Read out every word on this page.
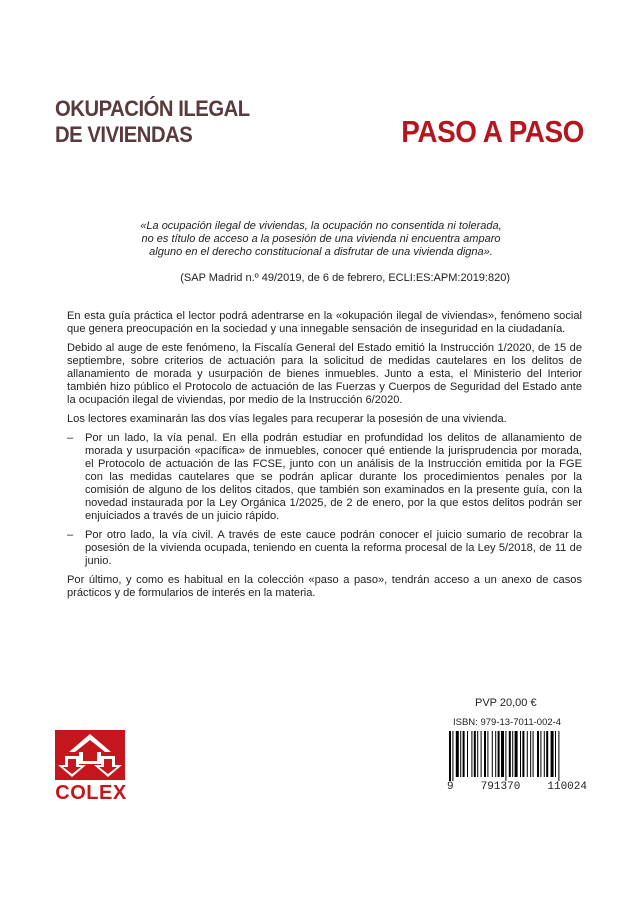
OKUPACIÓN ILEGAL
DE VIVIENDAS	PASO A PASO
«La ocupación ilegal de viviendas, la ocupación no consentida ni tolerada,
no es título de acceso a la posesión de una vivienda ni encuentra amparo
alguno en el derecho constitucional a disfrutar de una vivienda digna».
(SAP Madrid n.º 49/2019, de 6 de febrero, ECLI:ES:APM:2019:820)

En esta guía práctica el lector podrá adentrarse en la «okupación ilegal de viviendas», fenómeno social que genera preocupación en la sociedad y una innegable sensación de inseguridad en la ciudadanía.

Debido al auge de este fenómeno, la Fiscalía General del Estado emitió la Instrucción 1/2020, de 15 de septiembre, sobre criterios de actuación para la solicitud de medidas cautelares en los delitos de allanamiento de morada y usurpación de bienes inmuebles. Junto a esta, el Ministerio del Interior también hizo público el Protocolo de actuación de las Fuerzas y Cuerpos de Seguridad del Estado ante la ocupación ilegal de viviendas, por medio de la Instrucción 6/2020.

Los lectores examinarán las dos vías legales para recuperar la posesión de una vivienda.

– Por un lado, la vía penal. En ella podrán estudiar en profundidad los delitos de allanamiento de morada y usurpación «pacífica» de inmuebles, conocer qué entiende la jurisprudencia por morada, el Protocolo de actuación de las FCSE, junto con un análisis de la Instrucción emitida por la FGE con las medidas cautelares que se podrán aplicar durante los procedimientos penales por la comisión de alguno de los delitos citados, que también son examinados en la presente guía, con la novedad instaurada por la Ley Orgánica 1/2025, de 2 de enero, por la que estos delitos podrán ser enjuiciados a través de un juicio rápido.
– Por otro lado, la vía civil. A través de este cauce podrán conocer el juicio sumario de recobrar la posesión de la vivienda ocupada, teniendo en cuenta la reforma procesal de la Ley 5/2018, de 11 de junio.

Por último, y como es habitual en la colección «paso a paso», tendrán acceso a un anexo de casos prácticos y de formularios de interés en la materia.

PVP 20,00 €
ISBN: 979-13-7011-002-4
9 791370 110024
COLEX
